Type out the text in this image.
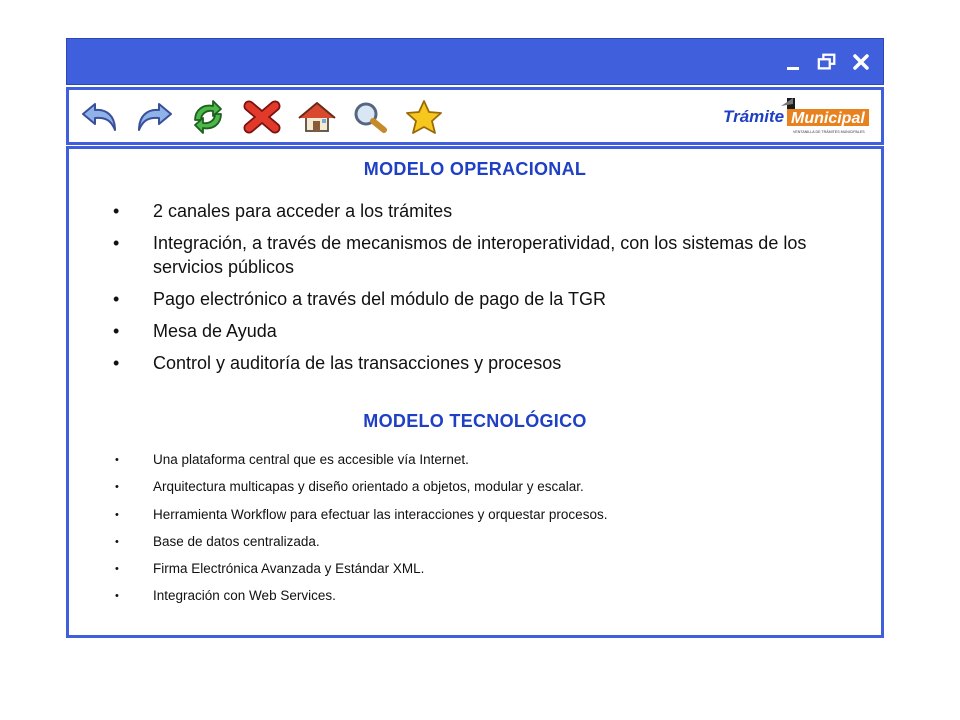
Trámite Municipal
VENTANILLA DE TRÁMITES MUNICIPALES
MODELO OPERACIONAL
• 2 canales para acceder a los trámites
• Integración, a través de mecanismos de interoperatividad, con los sistemas de los servicios públicos
• Pago electrónico a través del módulo de pago de la TGR
• Mesa de Ayuda
• Control y auditoría de las transacciones y procesos
MODELO TECNOLÓGICO
•	Una plataforma central que es accesible vía Internet.
•	Arquitectura multicapas y diseño orientado a objetos, modular y escalar.
•	Herramienta Workflow para efectuar las interacciones y orquestar procesos.
•	Base de datos centralizada.
•	Firma Electrónica Avanzada y Estándar XML.
•	Integración con Web Services.
